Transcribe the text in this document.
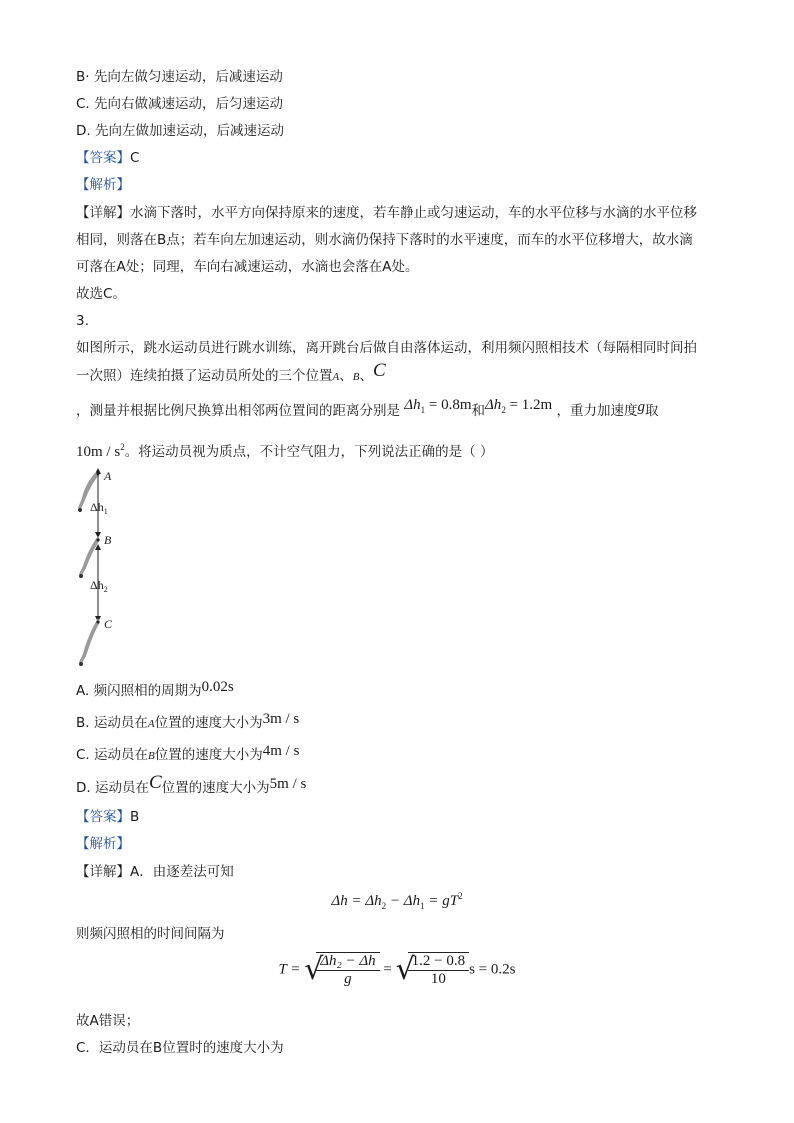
B· 先向左做匀速运动，后减速运动
C. 先向右做减速运动，后匀速运动
D. 先向左做加速运动，后减速运动
【答案】C
【解析】
【详解】水滴下落时，水平方向保持原来的速度，若车静止或匀速运动，车的水平位移与水滴的水平位移
相同，则落在B点；若车向左加速运动，则水滴仍保持下落时的水平速度，而车的水平位移增大，故水滴
可落在A处；同理，车向右减速运动，水滴也会落在A处。
故选C。
3.
如图所示，跳水运动员进行跳水训练，离开跳台后做自由落体运动，利用频闪照相技术（每隔相同时间拍
一次照）连续拍摄了运动员所处的三个位置A、B、C
，测量并根据比例尺换算出相邻两位置间的距离分别是 $\Delta h_1 = 0.8m$和$\Delta h_2 = 1.2m$ ，重力加速度g取
$10m / s^2$。将运动员视为质点，不计空气阻力，下列说法正确的是（ ）
A
B
C
$\Delta h_1$
$\Delta h_2$
A. 频闪照相的周期为0.02s
B. 运动员在A位置的速度大小为3m / s
C. 运动员在B位置的速度大小为4m / s
D. 运动员在C位置的速度大小为5m / s
【答案】B
【解析】
【详解】A．由逐差法可知
$\Delta h = \Delta h_2 - \Delta h_1 = gT^2$
则频闪照相的时间间隔为
T = √
$\frac{\text{Δh₂ − Δh}}{g}$ = √
$\frac{1.2 - 0.8}{10}$ s = 0.2s
故A错误；
C．运动员在B位置时的速度大小为
